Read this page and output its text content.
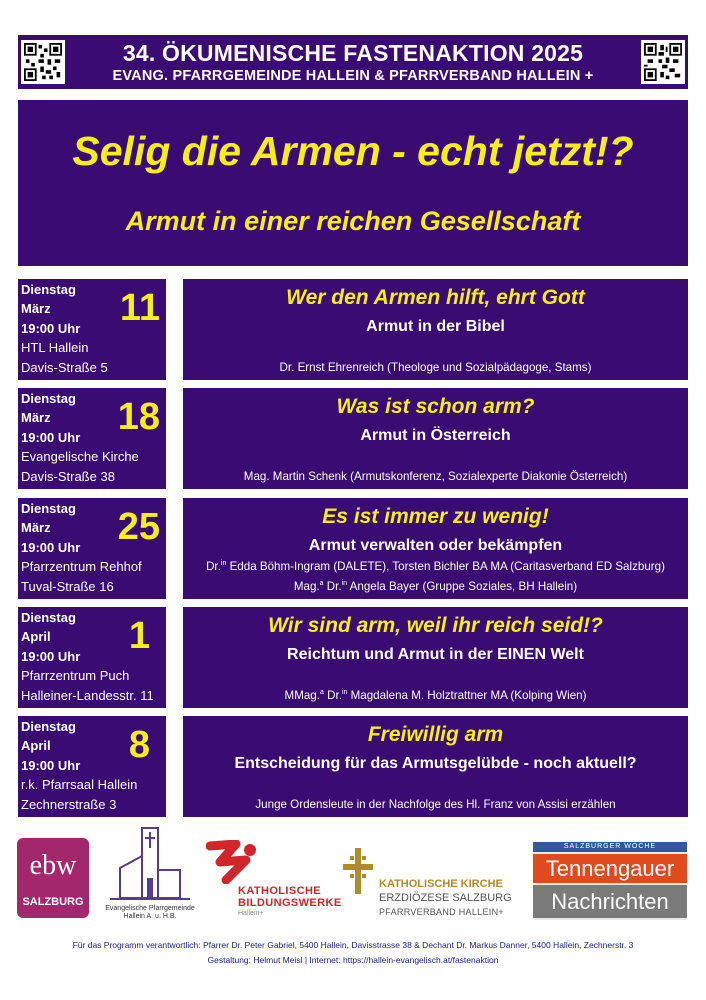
34. ÖKUMENISCHE FASTENAKTION 2025
EVANG. PFARRGEMEINDE HALLEIN & PFARRVERBAND HALLEIN +
Selig die Armen - echt jetzt!?
Armut in einer reichen Gesellschaft
Dienstag
März
19:00 Uhr
HTL Hallein
Davis-Straße 5
11	Wer den Armen hilft, ehrt Gott
Armut in der Bibel
Dr. Ernst Ehrenreich (Theologe und Sozialpädagoge, Stams)
Dienstag
März
19:00 Uhr
Evangelische Kirche
Davis-Straße 38
18	Was ist schon arm?
Armut in Österreich
Mag. Martin Schenk (Armutskonferenz, Sozialexperte Diakonie Österreich)
Dienstag
März
19:00 Uhr
Pfarrzentrum Rehhof
Tuval-Straße 16
25	Es ist immer zu wenig!
Armut verwalten oder bekämpfen
Dr.$^{in}$ Edda Böhm-Ingram (DALETE), Torsten Bichler BA MA (Caritasverband ED Salzburg)
Mag.$^a$ Dr.$^{in}$ Angela Bayer (Gruppe Soziales, BH Hallein)
Dienstag
April
19:00 Uhr
Pfarrzentrum Puch
Halleiner-Landesstr. 11
1	Wir sind arm, weil ihr reich seid!?
Reichtum und Armut in der EINEN Welt
MMag.$^a$ Dr.$^{in}$ Magdalena M. Holztrattner MA (Kolping Wien)
Dienstag
April
19:00 Uhr
r.k. Pfarrsaal Hallein
Zechnerstraße 3
8	Freiwillig arm
Entscheidung für das Armutsgelübde - noch aktuell?
Junge Ordensleute in der Nachfolge des Hl. Franz von Assisi erzählen
ebw
SALZBURG
Evangelische Pfarrgemeinde
Hallein A. u. H.B.
KATHOLISCHE
BILDUNGSWERKE
Hallein+
KATHOLISCHE KIRCHE
ERZDIÖZESE SALZBURG
PFARRVERBAND HALLEIN+
SALZBURGER WOCHE
Tennengauer
Nachrichten
Für das Programm verantwortlich: Pfarrer Dr. Peter Gabriel, 5400 Hallein, Davisstrasse 38 & Dechant Dr. Markus Danner, 5400 Hallein, Zechnerstr. 3
Gestaltung: Helmut Meisl | Internet: https://hallein-evangelisch.at/fastenaktion
